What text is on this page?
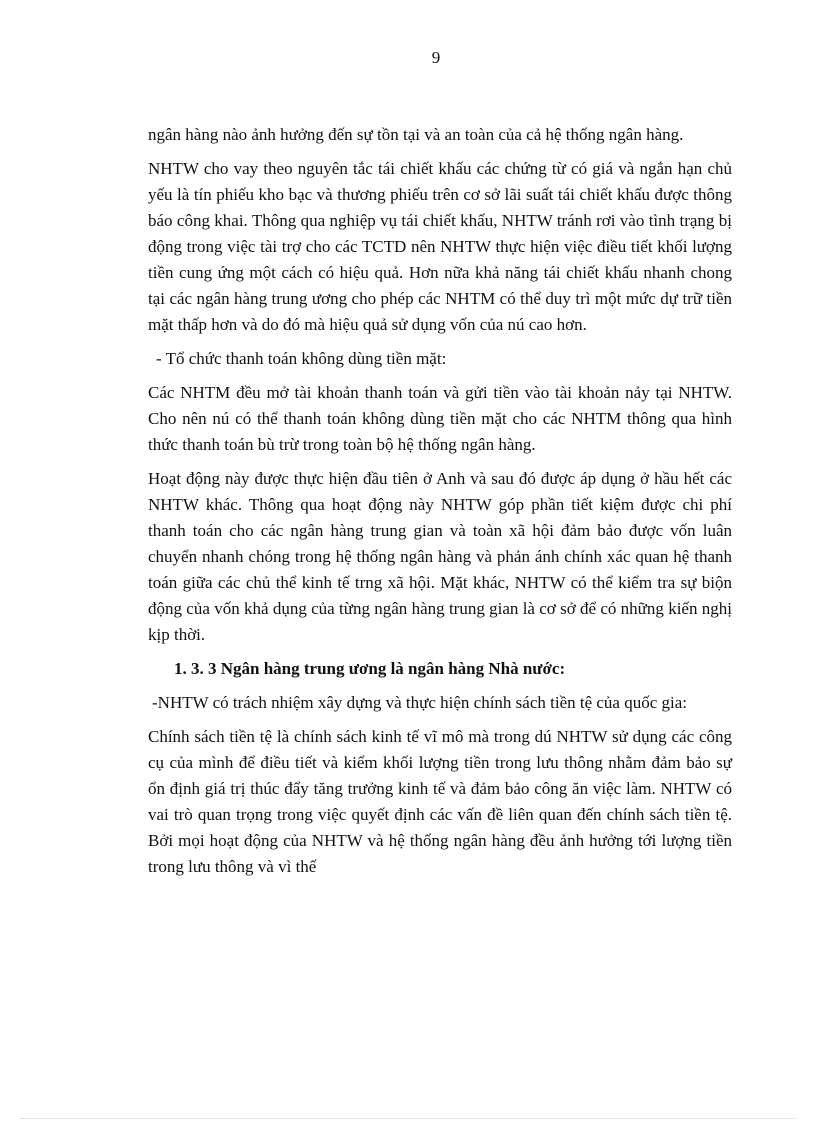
9

ngân hàng nào ảnh hưởng đến sự tồn tại và an toàn của cả hệ thống ngân hàng.

NHTW cho vay theo nguyên tắc tái chiết khấu các chứng từ có giá và ngắn hạn chủ yếu là tín phiếu kho bạc và thương phiếu trên cơ sở lãi suất tái chiết khấu được thông báo công khai. Thông qua nghiệp vụ tái chiết khấu, NHTW tránh rơi vào tình trạng bị động trong việc tài trợ cho các TCTD nên NHTW thực hiện việc điều tiết khối lượng tiền cung ứng một cách có hiệu quả. Hơn nữa khả năng tái chiết khấu nhanh chong tại các ngân hàng trung ương cho phép các NHTM có thể duy trì một mức dự trữ tiền mặt thấp hơn và do đó mà hiệu quả sử dụng vốn của nú cao hơn.

- Tổ chức thanh toán không dùng tiền mặt:

Các NHTM đều mở tài khoản thanh toán và gửi tiền vào tài khoản nảy tại NHTW. Cho nên nú có thể thanh toán không dùng tiền mặt cho các NHTM thông qua hình thức thanh toán bù trừ trong toàn bộ hệ thống ngân hàng.

Hoạt động này được thực hiện đầu tiên ở Anh và sau đó được áp dụng ở hầu hết các NHTW khác. Thông qua hoạt động này NHTW góp phần tiết kiệm được chi phí thanh toán cho các ngân hàng trung gian và toàn xã hội đảm bảo được vốn luân chuyển nhanh chóng trong hệ thống ngân hàng và phản ánh chính xác quan hệ thanh toán giữa các chủ thể kinh tế trng xã hội. Mặt khác, NHTW có thể kiểm tra sự biộn động của vốn khả dụng của từng ngân hàng trung gian là cơ sở để có những kiến nghị kịp thời.

1. 3. 3 Ngân hàng trung ương là ngân hàng Nhà nước:

-NHTW có trách nhiệm xây dựng và thực hiện chính sách tiền tệ của quốc gia:

Chính sách tiền tệ là chính sách kinh tế vĩ mô mà trong dú NHTW sử dụng các công cụ của mình để điều tiết và kiểm khối lượng tiền trong lưu thông nhằm đảm bảo sự ổn định giá trị thúc đẩy tăng trưởng kinh tế và đảm bảo công ăn việc làm. NHTW có vai trò quan trọng trong việc quyết định các vấn đề liên quan đến chính sách tiền tệ. Bởi mọi hoạt động của NHTW và hệ thống ngân hàng đều ảnh hưởng tới lượng tiền trong lưu thông và vì thế
